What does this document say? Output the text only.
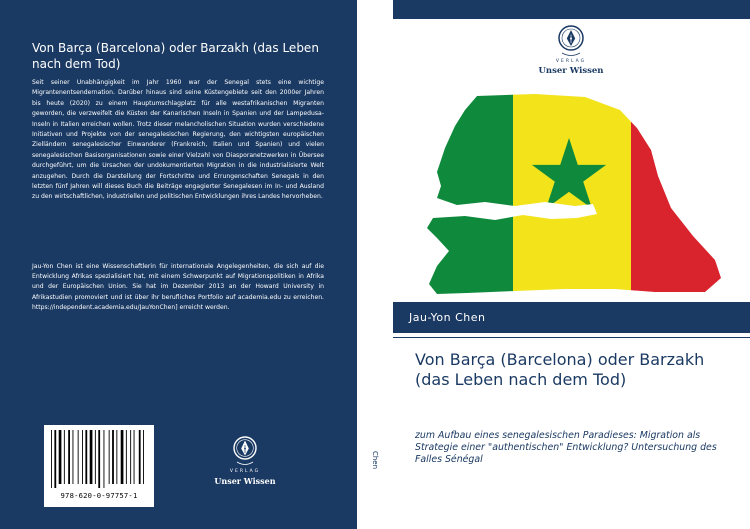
Von Barça (Barcelona) oder Barzakh (das Leben nach dem Tod)
Seit seiner Unabhängigkeit im Jahr 1960 war der Senegal stets eine wichtige Migrantenentsendernation. Darüber hinaus sind seine Küstengebiete seit den 2000er Jahren bis heute (2020) zu einem Hauptumschlagplatz für alle westafrikanischen Migranten geworden, die verzweifelt die Küsten der Kanarischen Inseln in Spanien und der Lampedusa-Inseln in Italien erreichen wollen. Trotz dieser melancholischen Situation wurden verschiedene Initiativen und Projekte von der senegalesischen Regierung, den wichtigsten europäischen Zielländern senegalesischer Einwanderer (Frankreich, Italien und Spanien) und vielen senegalesischen Basisorganisationen sowie einer Vielzahl von Diasporanetzwerken in Übersee durchgeführt, um die Ursachen der undokumentierten Migration in die industrialisierte Welt anzugehen. Durch die Darstellung der Fortschritte und Errungenschaften Senegals in den letzten fünf Jahren will dieses Buch die Beiträge engagierter Senegalesen im In- und Ausland zu den wirtschaftlichen, industriellen und politischen Entwicklungen ihres Landes hervorheben.
Jau-Yon Chen ist eine Wissenschaftlerin für internationale Angelegenheiten, die sich auf die Entwicklung Afrikas spezialisiert hat, mit einem Schwerpunkt auf Migrationspolitiken in Afrika und der Europäischen Union. Sie hat im Dezember 2013 an der Howard University in Afrikastudien promoviert und ist über ihr berufliches Portfolio auf academia.edu zu erreichen. https://independent.academia.edu/JauYonChen] erreicht werden.
978-620-0-97757-1
VERLAG
Unser Wissen
Chen
VERLAG
Unser Wissen
Jau-Yon Chen
Von Barça (Barcelona) oder Barzakh (das Leben nach dem Tod)

zum Aufbau eines senegalesischen Paradieses: Migration als Strategie einer "authentischen" Entwicklung? Untersuchung des Falles Sénégal
